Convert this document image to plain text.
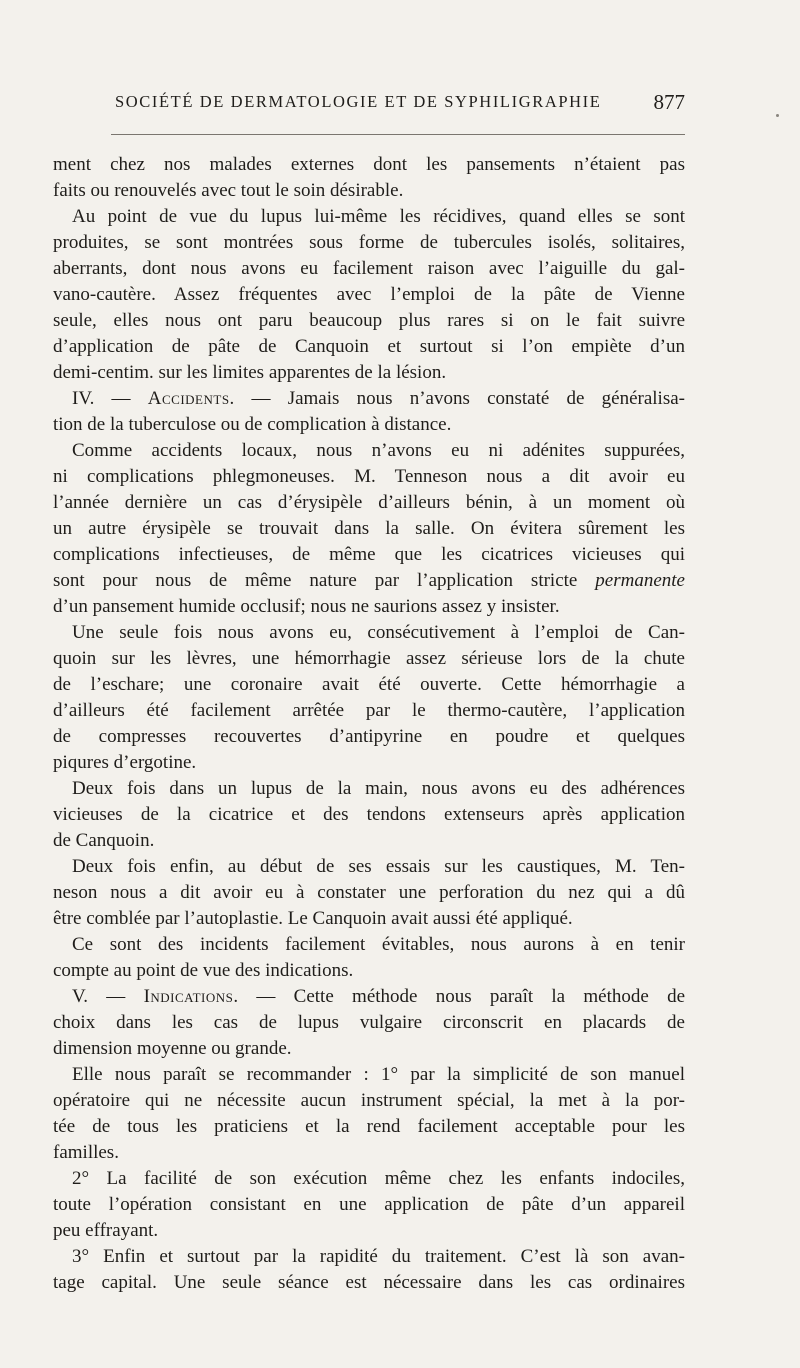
SOCIÉTÉ DE DERMATOLOGIE ET DE SYPHILIGRAPHIE 877
ment chez nos malades externes dont les pansements n’étaient pas
faits ou renouvelés avec tout le soin désirable.
Au point de vue du lupus lui-même les récidives, quand elles se sont
produites, se sont montrées sous forme de tubercules isolés, solitaires,
aberrants, dont nous avons eu facilement raison avec l’aiguille du gal-
vano-cautère. Assez fréquentes avec l’emploi de la pâte de Vienne
seule, elles nous ont paru beaucoup plus rares si on le fait suivre
d’application de pâte de Canquoin et surtout si l’on empiète d’un
demi-centim. sur les limites apparentes de la lésion.
IV. — Accidents. — Jamais nous n’avons constaté de généralisa-
tion de la tuberculose ou de complication à distance.
Comme accidents locaux, nous n’avons eu ni adénites suppurées,
ni complications phlegmoneuses. M. Tenneson nous a dit avoir eu
l’année dernière un cas d’érysipèle d’ailleurs bénin, à un moment où
un autre érysipèle se trouvait dans la salle. On évitera sûrement les
complications infectieuses, de même que les cicatrices vicieuses qui
sont pour nous de même nature par l’application stricte permanente
d’un pansement humide occlusif; nous ne saurions assez y insister.
Une seule fois nous avons eu, consécutivement à l’emploi de Can-
quoin sur les lèvres, une hémorrhagie assez sérieuse lors de la chute
de l’eschare; une coronaire avait été ouverte. Cette hémorrhagie a
d’ailleurs été facilement arrêtée par le thermo-cautère, l’application
de compresses recouvertes d’antipyrine en poudre et quelques
piqures d’ergotine.
Deux fois dans un lupus de la main, nous avons eu des adhérences
vicieuses de la cicatrice et des tendons extenseurs après application
de Canquoin.
Deux fois enfin, au début de ses essais sur les caustiques, M. Ten-
neson nous a dit avoir eu à constater une perforation du nez qui a dû
être comblée par l’autoplastie. Le Canquoin avait aussi été appliqué.
Ce sont des incidents facilement évitables, nous aurons à en tenir
compte au point de vue des indications.
V. — Indications. — Cette méthode nous paraît la méthode de
choix dans les cas de lupus vulgaire circonscrit en placards de
dimension moyenne ou grande.
Elle nous paraît se recommander : 1° par la simplicité de son manuel
opératoire qui ne nécessite aucun instrument spécial, la met à la por-
tée de tous les praticiens et la rend facilement acceptable pour les
familles.
2° La facilité de son exécution même chez les enfants indociles,
toute l’opération consistant en une application de pâte d’un appareil
peu effrayant.
3° Enfin et surtout par la rapidité du traitement. C’est là son avan-
tage capital. Une seule séance est nécessaire dans les cas ordinaires
